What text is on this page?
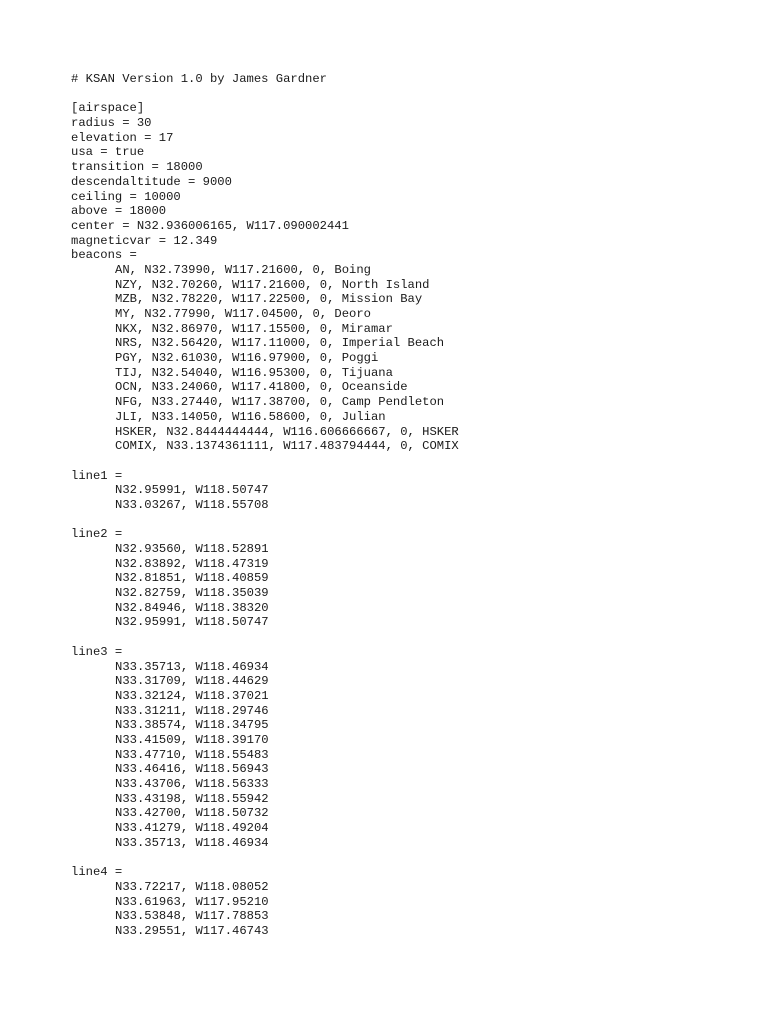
# KSAN Version 1.0 by James Gardner
[airspace]
radius = 30
elevation = 17
usa = true
transition = 18000
descendaltitude = 9000
ceiling = 10000
above = 18000
center = N32.936006165, W117.090002441
magneticvar = 12.349
beacons =
AN, N32.73990, W117.21600, 0, Boing
NZY, N32.70260, W117.21600, 0, North Island
MZB, N32.78220, W117.22500, 0, Mission Bay
MY, N32.77990, W117.04500, 0, Deoro
NKX, N32.86970, W117.15500, 0, Miramar
NRS, N32.56420, W117.11000, 0, Imperial Beach
PGY, N32.61030, W116.97900, 0, Poggi
TIJ, N32.54040, W116.95300, 0, Tijuana
OCN, N33.24060, W117.41800, 0, Oceanside
NFG, N33.27440, W117.38700, 0, Camp Pendleton
JLI, N33.14050, W116.58600, 0, Julian
HSKER, N32.8444444444, W116.606666667, 0, HSKER
COMIX, N33.1374361111, W117.483794444, 0, COMIX
line1 =
N32.95991, W118.50747
N33.03267, W118.55708
line2 =
N32.93560, W118.52891
N32.83892, W118.47319
N32.81851, W118.40859
N32.82759, W118.35039
N32.84946, W118.38320
N32.95991, W118.50747
line3 =
N33.35713, W118.46934
N33.31709, W118.44629
N33.32124, W118.37021
N33.31211, W118.29746
N33.38574, W118.34795
N33.41509, W118.39170
N33.47710, W118.55483
N33.46416, W118.56943
N33.43706, W118.56333
N33.43198, W118.55942
N33.42700, W118.50732
N33.41279, W118.49204
N33.35713, W118.46934
line4 =
N33.72217, W118.08052
N33.61963, W117.95210
N33.53848, W117.78853
N33.29551, W117.46743
